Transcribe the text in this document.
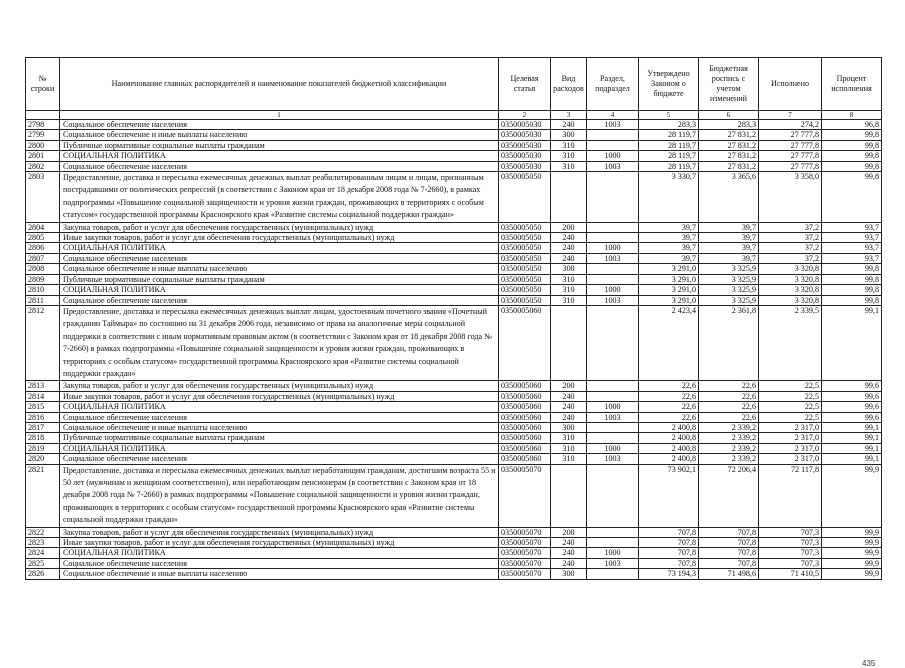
№ строки	Наименование главных распорядителей и наименование показателей бюджетной классификации	Целевая статья	Вид расходов	Раздел, подраздел	Утверждено Законом о бюджете	Бюджетная роспись с учетом изменений	Исполнено	Процент исполнения
	1	2	3	4	5	6	7	8
2798	Социальное обеспечение населения	0350005030	240	1003	283,3	283,3	274,2	96,8
2799	Социальное обеспечение и иные выплаты населению	0350005030	300		28 119,7	27 831,2	27 777,8	99,8
2800	Публичные нормативные социальные выплаты гражданам	0350005030	310		28 119,7	27 831,2	27 777,8	99,8
2801	СОЦИАЛЬНАЯ ПОЛИТИКА	0350005030	310	1000	28 119,7	27 831,2	27 777,8	99,8
2802	Социальное обеспечение населения	0350005030	310	1003	28 119,7	27 831,2	27 777,8	99,8
2803	Предоставление, доставка и пересылка ежемесячных денежных выплат реабилитированным лицам и лицам, признанным пострадавшими от политических репрессий (в соответствии с Законом края от 18 декабря 2008 года № 7-2660), в рамках подпрограммы «Повышение социальной защищенности и уровня жизни граждан, проживающих в территориях с особым статусом» государственной программы Красноярского края «Развитие системы социальной поддержки граждан»	0350005050			3 330,7	3 365,6	3 358,0	99,8
2804	Закупка товаров, работ и услуг для обеспечения государственных (муниципальных) нужд	0350005050	200		39,7	39,7	37,2	93,7
2805	Иные закупки товаров, работ и услуг для обеспечения государственных (муниципальных) нужд	0350005050	240		39,7	39,7	37,2	93,7
2806	СОЦИАЛЬНАЯ ПОЛИТИКА	0350005050	240	1000	39,7	39,7	37,2	93,7
2807	Социальное обеспечение населения	0350005050	240	1003	39,7	39,7	37,2	93,7
2808	Социальное обеспечение и иные выплаты населению	0350005050	300		3 291,0	3 325,9	3 320,8	99,8
2809	Публичные нормативные социальные выплаты гражданам	0350005050	310		3 291,0	3 325,9	3 320,8	99,8
2810	СОЦИАЛЬНАЯ ПОЛИТИКА	0350005050	310	1000	3 291,0	3 325,9	3 320,8	99,8
2811	Социальное обеспечение населения	0350005050	310	1003	3 291,0	3 325,9	3 320,8	99,8
2812	Предоставление, доставка и пересылка ежемесячных денежных выплат лицам, удостоенным почетного звания «Почетный гражданин Таймыра» по состоянию на 31 декабря 2006 года, независимо от права на аналогичные меры социальной поддержки в соответствии с иным нормативным правовым актом (в соответствии с Законом края от 18 декабря 2008 года № 7-2660) в рамках подпрограммы «Повышение социальной защищенности и уровня жизни граждан, проживающих в территориях с особым статусом» государственной программы Красноярского края «Развитие системы социальной поддержки граждан»	0350005060			2 423,4	2 361,8	2 339,5	99,1
2813	Закупка товаров, работ и услуг для обеспечения государственных (муниципальных) нужд	0350005060	200		22,6	22,6	22,5	99,6
2814	Иные закупки товаров, работ и услуг для обеспечения государственных (муниципальных) нужд	0350005060	240		22,6	22,6	22,5	99,6
2815	СОЦИАЛЬНАЯ ПОЛИТИКА	0350005060	240	1000	22,6	22,6	22,5	99,6
2816	Социальное обеспечение населения	0350005060	240	1003	22,6	22,6	22,5	99,6
2817	Социальное обеспечение и иные выплаты населению	0350005060	300		2 400,8	2 339,2	2 317,0	99,1
2818	Публичные нормативные социальные выплаты гражданам	0350005060	310		2 400,8	2 339,2	2 317,0	99,1
2819	СОЦИАЛЬНАЯ ПОЛИТИКА	0350005060	310	1000	2 400,8	2 339,2	2 317,0	99,1
2820	Социальное обеспечение населения	0350005060	310	1003	2 400,8	2 339,2	2 317,0	99,1
2821	Предоставление, доставка и пересылка ежемесячных денежных выплат неработающим гражданам, достигшим возраста 55 и 50 лет (мужчинам и женщинам соответственно), или неработающим пенсионерам (в соответствии с Законом края от 18 декабря 2008 года № 7-2660) в рамках подпрограммы «Повышение социальной защищенности и уровня жизни граждан, проживающих в территориях с особым статусом» государственной программы Красноярского края «Развитие системы социальной поддержки граждан»	0350005070			73 902,1	72 206,4	72 117,8	99,9
2822	Закупка товаров, работ и услуг для обеспечения государственных (муниципальных) нужд	0350005070	200		707,8	707,8	707,3	99,9
2823	Иные закупки товаров, работ и услуг для обеспечения государственных (муниципальных) нужд	0350005070	240		707,8	707,8	707,3	99,9
2824	СОЦИАЛЬНАЯ ПОЛИТИКА	0350005070	240	1000	707,8	707,8	707,3	99,9
2825	Социальное обеспечение населения	0350005070	240	1003	707,8	707,8	707,3	99,9
2826	Социальное обеспечение и иные выплаты населению	0350005070	300		73 194,3	71 498,6	71 410,5	99,9
435
